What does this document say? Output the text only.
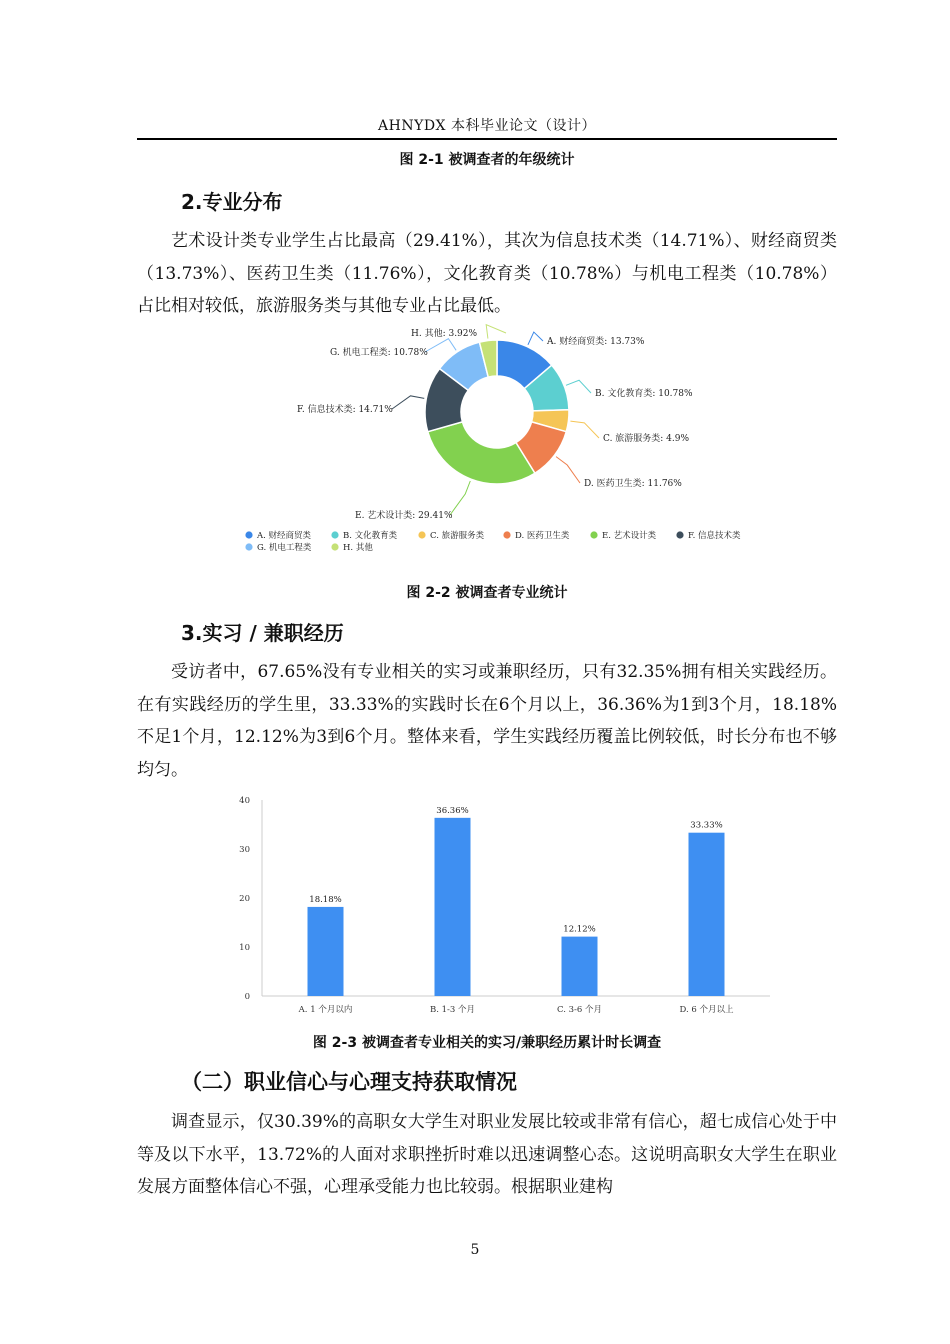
AHNYDX 本科毕业论文（设计）
图 2-1 被调查者的年级统计
2.专业分布

艺术设计类专业学生占比最高（29.41%），其次为信息技术类（14.71%）、财经商贸类（13.73%）、医药卫生类（11.76%），文化教育类（10.78%）与机电工程类（10.78%）占比相对较低，旅游服务类与其他专业占比最低。

A. 财经商贸类: 13.73%
B. 文化教育类: 10.78%
C. 旅游服务类: 4.9%
D. 医药卫生类: 11.76%
E. 艺术设计类: 29.41%
F. 信息技术类: 14.71%
G. 机电工程类: 10.78%
H. 其他: 3.92%
A. 财经商贸类	B. 文化教育类	C. 旅游服务类	D. 医药卫生类	E. 艺术设计类	F. 信息技术类
G. 机电工程类	H. 其他
图 2-2 被调查者专业统计
3.实习 / 兼职经历

受访者中，67.65%没有专业相关的实习或兼职经历，只有32.35%拥有相关实践经历。在有实践经历的学生里，33.33%的实践时长在6个月以上，36.36%为1到3个月，18.18%不足1个月，12.12%为3到6个月。整体来看，学生实践经历覆盖比例较低，时长分布也不够均匀。

0
10
20
30
40
18.18%
A. 1 个月以内
36.36%
B. 1-3 个月
12.12%
C. 3-6 个月
33.33%
D. 6 个月以上
图 2-3 被调查者专业相关的实习/兼职经历累计时长调查
（二）职业信心与心理支持获取情况

调查显示，仅30.39%的高职女大学生对职业发展比较或非常有信心，超七成信心处于中等及以下水平，13.72%的人面对求职挫折时难以迅速调整心态。这说明高职女大学生在职业发展方面整体信心不强，心理承受能力也比较弱。根据职业建构

5
